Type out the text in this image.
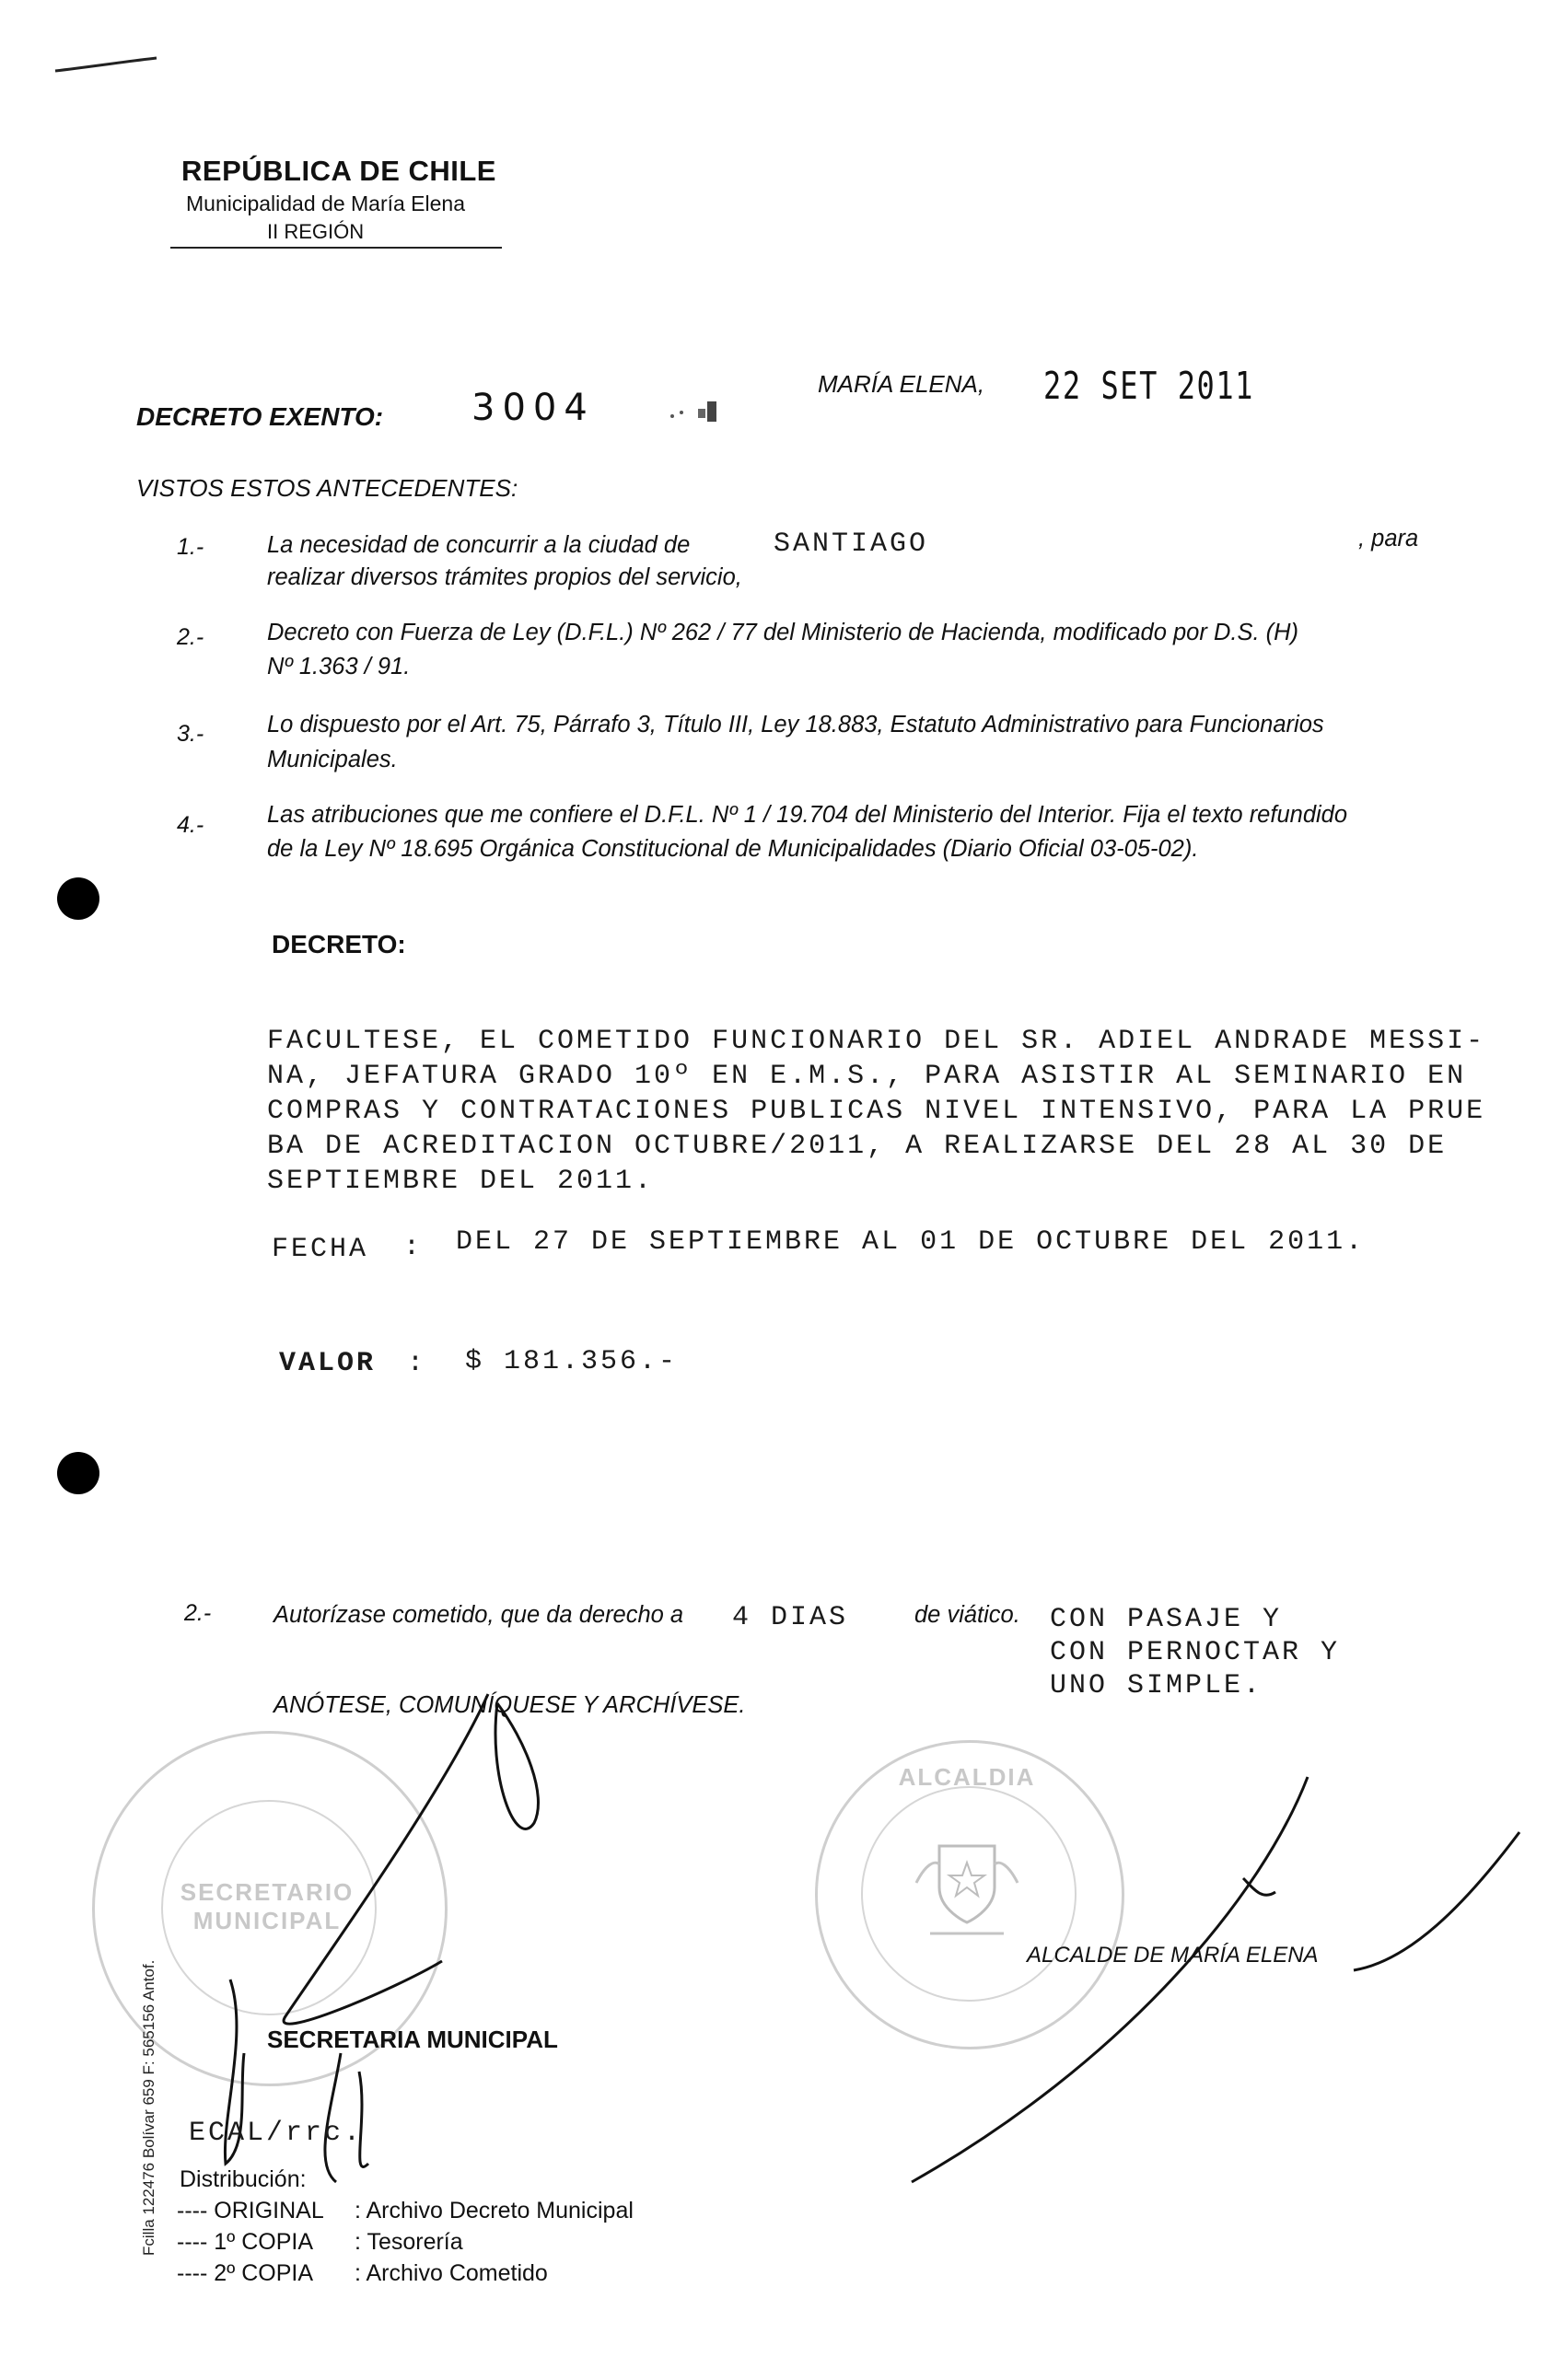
REPÚBLICA DE CHILE
Municipalidad de María Elena
II REGIÓN
DECRETO EXENTO: 3004
MARÍA ELENA, 22 SET 2011
VISTOS ESTOS ANTECEDENTES:
1.-	La necesidad de concurrir a la ciudad de	SANTIAGO	, para
realizar diversos trámites propios del servicio,
2.-	Decreto con Fuerza de Ley (D.F.L.) Nº 262 / 77 del Ministerio de Hacienda, modificado por D.S. (H)
Nº 1.363 / 91.
3.-	Lo dispuesto por el Art. 75, Párrafo 3, Título III, Ley 18.883, Estatuto Administrativo para Funcionarios
Municipales.
4.-	Las atribuciones que me confiere el D.F.L. Nº 1 / 19.704 del Ministerio del Interior. Fija el texto refundido
de la Ley Nº 18.695 Orgánica Constitucional de Municipalidades (Diario Oficial 03-05-02).
DECRETO:
FACULTESE, EL COMETIDO FUNCIONARIO DEL SR. ADIEL ANDRADE MESSI-
NA, JEFATURA GRADO 10º EN E.M.S., PARA ASISTIR AL SEMINARIO EN
COMPRAS Y CONTRATACIONES PUBLICAS NIVEL INTENSIVO, PARA LA PRUE
BA DE ACREDITACION OCTUBRE/2011, A REALIZARSE DEL 28 AL 30 DE
SEPTIEMBRE DEL 2011.
FECHA : DEL 27 DE SEPTIEMBRE AL 01 DE OCTUBRE DEL 2011.
VALOR : $ 181.356.-
2.-	Autorízase cometido, que da derecho a 4 DIAS	de viático. CON PASAJE Y
CON PERNOCTAR Y
UNO SIMPLE.
ANÓTESE, COMUNÍQUESE Y ARCHÍVESE.
SECRETARIO MUNICIPAL
ALCALDIA
ALCALDE DE MARÍA ELENA
SECRETARIA MUNICIPAL
ECAL/rrc.
Distribución:
---- ORIGINAL : Archivo Decreto Municipal
---- 1º COPIA : Tesorería
---- 2º COPIA : Archivo Cometido
Fcilla 122476 Bolívar 659 F: 565156 Antof.
